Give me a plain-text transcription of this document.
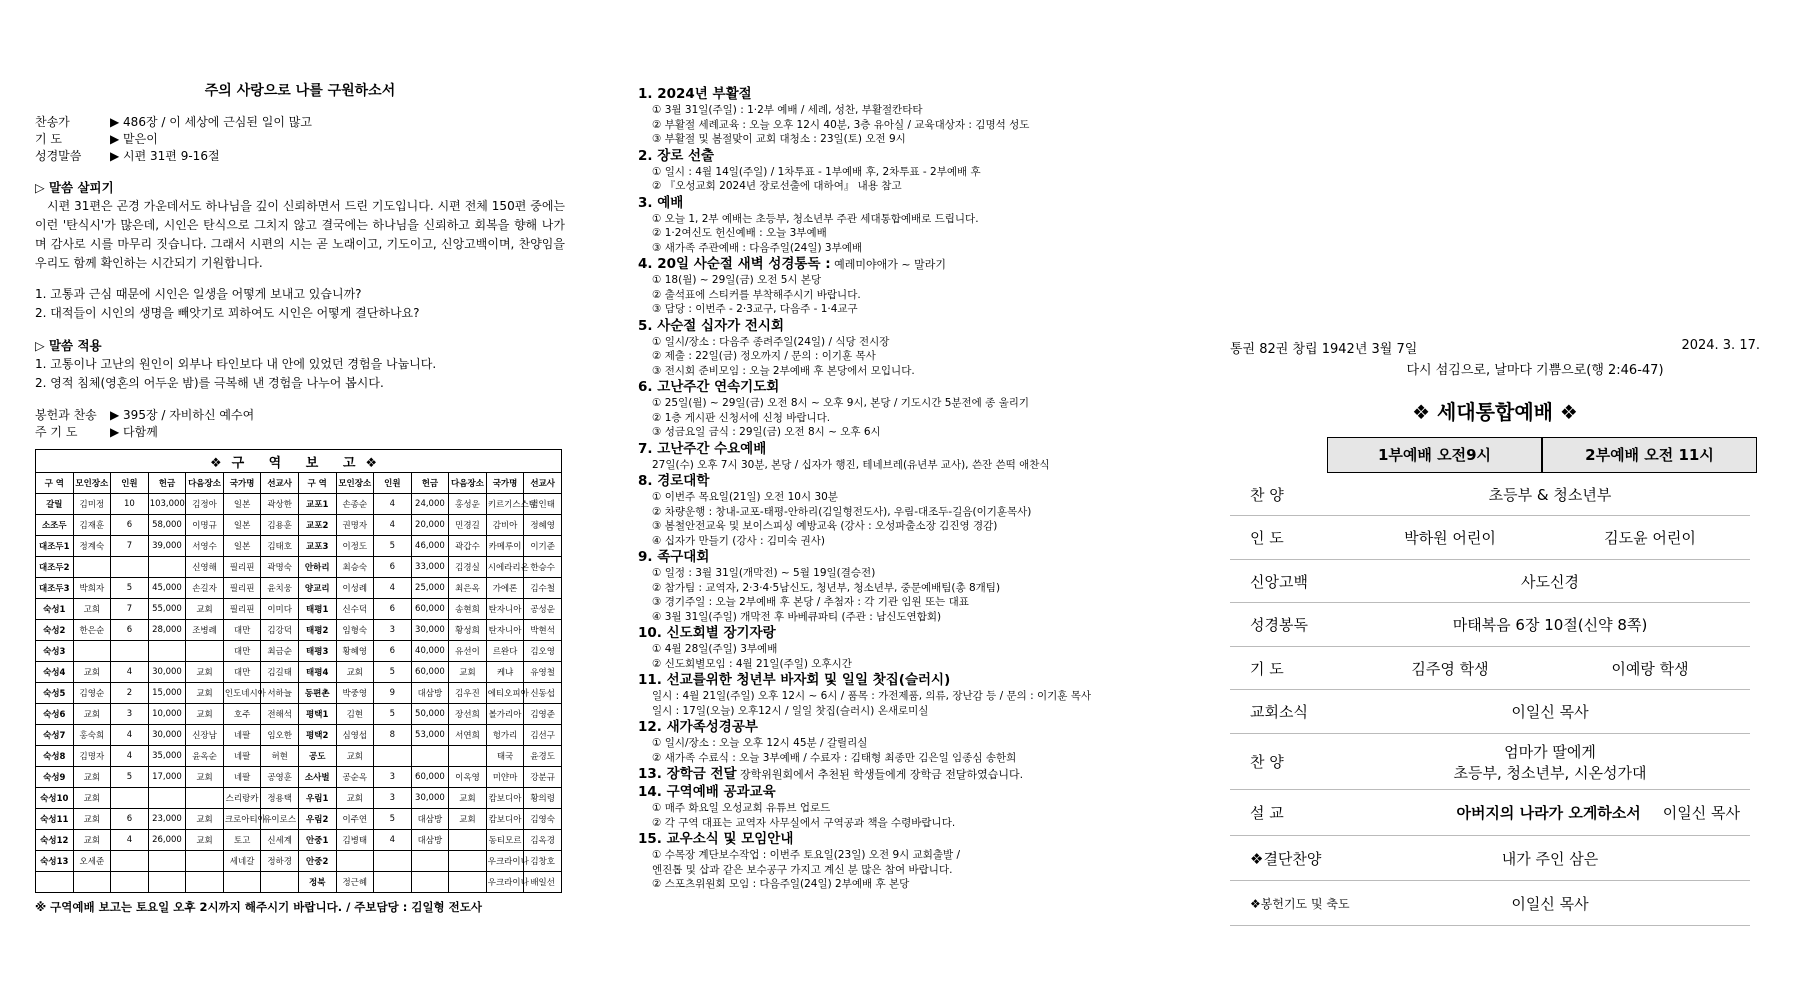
주의 사랑으로 나를 구원하소서
찬송가	▶ 486장 / 이 세상에 근심된 일이 많고
기 도	▶ 맡은이
성경말씀 ▶ 시편 31편 9-16절
▷ 말씀 살피기

시편 31편은 곤경 가운데서도 하나님을 깊이 신뢰하면서 드린 기도입니다. 시편 전체 150편 중에는 이런 '탄식시'가 많은데, 시인은 탄식으로 그치지 않고 결국에는 하나님을 신뢰하고 회복을 향해 나가며 감사로 시를 마무리 짓습니다. 그래서 시편의 시는 곧 노래이고, 기도이고, 신앙고백이며, 찬양임을 우리도 함께 확인하는 시간되기 기원합니다.

1. 고통과 근심 때문에 시인은 일생을 어떻게 보내고 있습니까?

2. 대적들이 시인의 생명을 빼앗기로 꾀하여도 시인은 어떻게 결단하나요?

▷ 말씀 적용

1. 고통이나 고난의 원인이 외부나 타인보다 내 안에 있었던 경험을 나눕니다.

2. 영적 침체(영혼의 어두운 밤)를 극복해 낸 경험을 나누어 봅시다.

봉헌과 찬송 ▶ 395장 / 자비하신 예수여
주 기 도	▶ 다함께
❖구 역 보 고❖													
구 역	모인장소	인원	헌금	다음장소	국가명	선교사	구 역	모인장소	인원	헌금	다음장소	국가명	선교사
갈릴	김미정	10	103,000	김정아	일본	곽상한	교포1	손종순	4	24,000	홍성운	키르기스스탄	김인태
소조두	김재훈	6	58,000	이명규	일본	김용훈	교포2	권명자	4	20,000	민경길	감비아	정혜영
대조두1	정계숙	7	39,000	서영수	일본	김태호	교포3	이정도	5	46,000	곽갑수	카메루이	이기준
대조두2				신영해	필리핀	곽명숙	안하리	최승숙	6	33,000	김경실	시에라리온	한승수
대조두3	박희자	5	45,000	손길자	필리핀	윤치웅	양교리	이성례	4	25,000	최은옥	가에론	김수철
숙성1	고희	7	55,000	교회	필리핀	이미다	태평1	신수덕	6	60,000	송현희	탄자니아	공성운
숙성2	한은순	6	28,000	조병례	대만	김강덕	태평2	임형숙	3	30,000	황성희	탄자니아	박현석
숙성3					대만	최금순	태평3	황혜영	6	40,000	유선이	르완다	김오영
숙성4	교회	4	30,000	교회	대만	김길태	태평4	교회	5	60,000	교회	케냐	유영철
숙성5	김영순	2	15,000	교회	인도네시아	서하늘	동편촌	박중영	9	대삼방	김우진	에티오피아	신동섭
숙성6	교회	3	10,000	교회	호주	전해석	평택1	김현	5	50,000	장선희	볼가리아	김영준
숙성7	홍숙희	4	30,000	신장남	네팔	임오한	평택2	심영섭	8	53,000	서연희	헝가리	김선구
숙성8	김명자	4	35,000	윤옥순	네팔	허현	공도	교회				태국	윤경도
숙성9	교회	5	17,000	교회	네팔	공영훈	소사벌	공순옥	3	60,000	이옥영	미얀마	강분규
숙성10	교회				스리랑카	정용택	우림1	교회	3	30,000	교회	캄보디아	황의령
숙성11	교회	6	23,000	교회	크로아티아	유이로스	우림2	이주연	5	대삼방	교회	캄보디아	김영숙
숙성12	교회	4	26,000	교회	토고	신세계	안중1	김병태	4	대삼방		동티모르	김옥경
숙성13	오세준				세네갈	정하경	안중2					우크라이나	김창호
							정북	정근혜				우크라이나	배일선
※ 구역예배 보고는 토요일 오후 2시까지 해주시기 바랍니다. / 주보담당 : 김일형 전도사
1. 2024년 부활절
① 3월 31일(주일) : 1·2부 예배 / 세례, 성찬, 부활절칸타타
② 부활절 세례교육 : 오늘 오후 12시 40분, 3층 유아실 / 교육대상자 : 김명석 성도
③ 부활절 및 봄절맞이 교회 대청소 : 23일(토) 오전 9시
2. 장로 선출
① 일시 : 4월 14일(주일) / 1차투표 - 1부예배 후, 2차투표 - 2부예배 후
② 『오성교회 2024년 장로선출에 대하여』 내용 참고
3. 예배
① 오늘 1, 2부 예배는 초등부, 청소년부 주관 세대통합예배로 드립니다.
② 1·2여신도 헌신예배 : 오늘 3부예배
③ 새가족 주관예배 : 다음주일(24일) 3부예배
4. 20일 사순절 새벽 성경통독 : 예레미야애가 ~ 말라기
① 18(월) ~ 29일(금) 오전 5시 본당
② 출석표에 스티커를 부착해주시기 바랍니다.
③ 담당 : 이번주 - 2·3교구, 다음주 - 1·4교구
5. 사순절 십자가 전시회
① 일시/장소 : 다음주 종려주일(24일) / 식당 전시장
② 제출 : 22일(금) 정오까지 / 문의 : 이기훈 목사
③ 전시회 준비모임 : 오늘 2부예배 후 본당에서 모입니다.
6. 고난주간 연속기도회
① 25일(월) ~ 29일(금) 오전 8시 ~ 오후 9시, 본당 / 기도시간 5분전에 종 울리기
② 1층 게시판 신청서에 신청 바랍니다.
③ 성금요일 금식 : 29일(금) 오전 8시 ~ 오후 6시
7. 고난주간 수요예배
27일(수) 오후 7시 30분, 본당 / 십자가 행진, 테네브레(유년부 교사), 쓴잔 쓴떡 애찬식
8. 경로대학
① 이번주 목요일(21일) 오전 10시 30분
② 차량운행 : 창내-교포-태평-안하리(김일형전도사), 우림-대조두-길음(이기훈목사)
③ 봄철안전교육 및 보이스피싱 예방교육 (강사 : 오성파출소장 김진영 경감)
④ 십자가 만들기 (강사 : 김미숙 권사)
9. 족구대회
① 일정 : 3월 31일(개막전) ~ 5월 19일(결승전)
② 참가팀 : 교역자, 2·3·4·5남신도, 청년부, 청소년부, 중문예배팀(총 8개팀)
③ 경기주일 : 오늘 2부예배 후 본당 / 추첨자 : 각 기관 임원 또는 대표
④ 3월 31일(주일) 개막전 후 바베큐파티 (주관 : 남신도연합회)
10. 신도회별 장기자랑
① 4월 28일(주일) 3부예배
② 신도회별모임 : 4월 21일(주일) 오후시간
11. 선교를위한 청년부 바자회 및 일일 찻집(슬러시)
일시 : 4월 21일(주일) 오후 12시 ~ 6시 / 품목 : 가전제품, 의류, 장난감 등 / 문의 : 이기훈 목사
일시 : 17일(오늘) 오후12시 / 일일 찻집(슬러시) 온새로미실
12. 새가족성경공부
① 일시/장소 : 오늘 오후 12시 45분 / 갈릴리실
② 새가족 수료식 : 오늘 3부예배 / 수료자 : 김태형 최종만 김은일 임종심 송한희
13. 장학금 전달 장학위원회에서 추천된 학생들에게 장학금 전달하였습니다.
14. 구역예배 공과교육
① 매주 화요일 오성교회 유튜브 업로드
② 각 구역 대표는 교역자 사무실에서 구역공과 책을 수령바랍니다.
15. 교우소식 및 모임안내
① 수목장 계단보수작업 : 이번주 토요일(23일) 오전 9시 교회출발 /
엔진톱 및 삽과 같은 보수공구 가지고 계신 분 많은 참여 바랍니다.
② 스포츠위원회 모임 : 다음주일(24일) 2부예배 후 본당
통권 82권 창립 1942년 3월 7일	2024. 3. 17.
다시 섬김으로, 날마다 기쁨으로(행 2:46-47)
❖ 세대통합예배 ❖
1부예배 오전9시	2부예배 오전 11시
찬 양	초등부 & 청소년부
인 도	박하원 어린이	김도윤 어린이
신앙고백	사도신경
성경봉독	마태복음 6장 10절(신약 8쪽)
기 도	김주영 학생	이예랑 학생
교회소식	이일신 목사
찬 양
엄마가 딸에게
초등부, 청소년부, 시온성가대
설 교	아버지의 나라가 오게하소서 이일신 목사
❖결단찬양	내가 주인 삼은
❖봉헌기도 및 축도	이일신 목사
